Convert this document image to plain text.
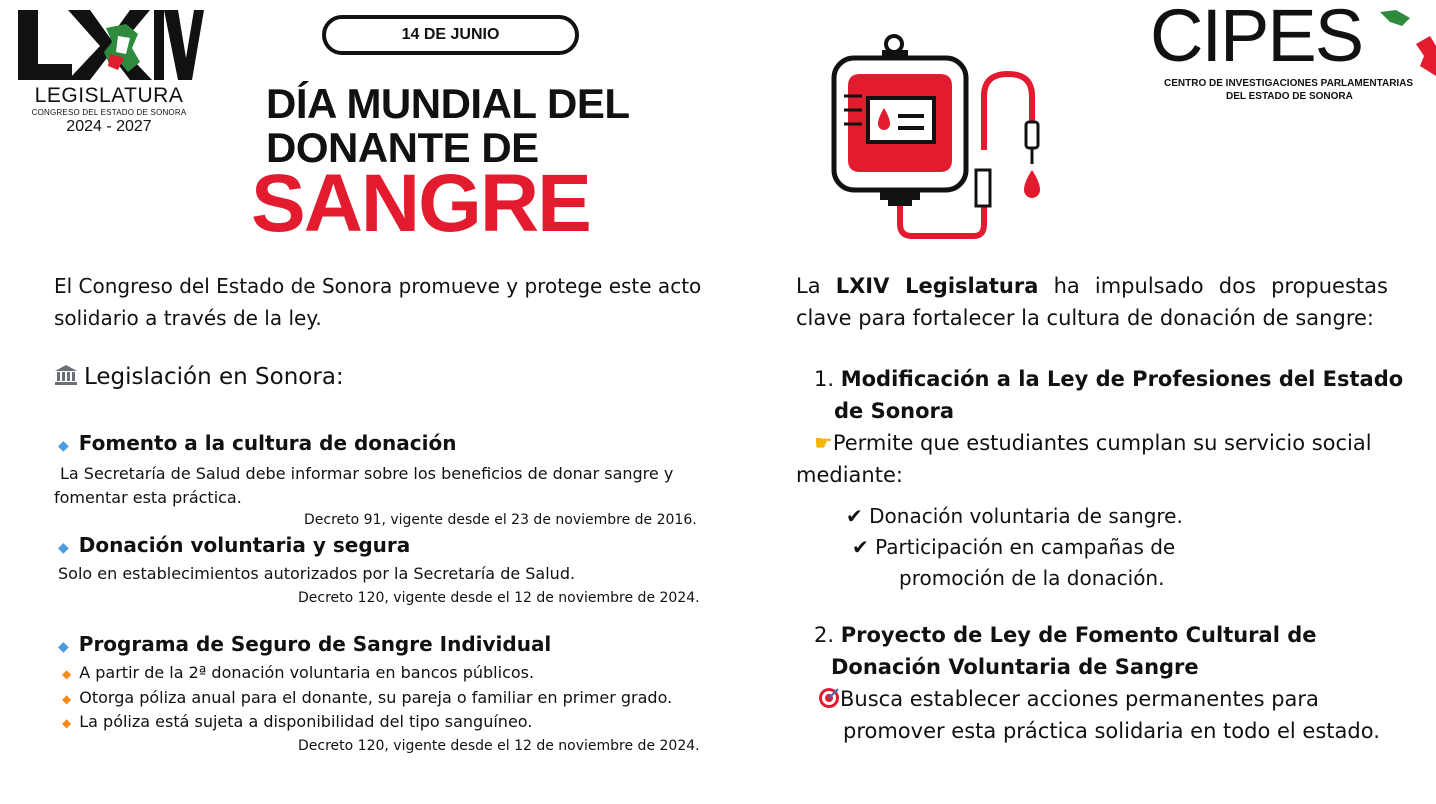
LEGISLATURA
CONGRESO DEL ESTADO DE SONORA
2024 - 2027
14 DE JUNIO
DÍA MUNDIAL DEL
DONANTE DE
SANGRE
CIPES
CENTRO DE INVESTIGACIONES PARLAMENTARIAS
DEL ESTADO DE SONORA
El Congreso del Estado de Sonora promueve y protege este acto solidario a través de la ley.
Legislación en Sonora:
◆ Fomento a la cultura de donación
La Secretaría de Salud debe informar sobre los beneficios de donar sangre y fomentar esta práctica.
Decreto 91, vigente desde el 23 de noviembre de 2016.
◆ Donación voluntaria y segura
Solo en establecimientos autorizados por la Secretaría de Salud.
Decreto 120, vigente desde el 12 de noviembre de 2024.
◆ Programa de Seguro de Sangre Individual
◆ A partir de la 2ª donación voluntaria en bancos públicos.
◆ Otorga póliza anual para el donante, su pareja o familiar en primer grado.
◆ La póliza está sujeta a disponibilidad del tipo sanguíneo.
Decreto 120, vigente desde el 12 de noviembre de 2024.
La LXIV Legislatura ha impulsado dos propuestas clave para fortalecer la cultura de donación de sangre:
1. Modificación a la Ley de Profesiones del Estado
de Sonora
☛Permite que estudiantes cumplan su servicio social
mediante:
✔ Donación voluntaria de sangre.
✔ Participación en campañas de
promoción de la donación.
2. Proyecto de Ley de Fomento Cultural de
Donación Voluntaria de Sangre
Busca establecer acciones permanentes para
promover esta práctica solidaria en todo el estado.
